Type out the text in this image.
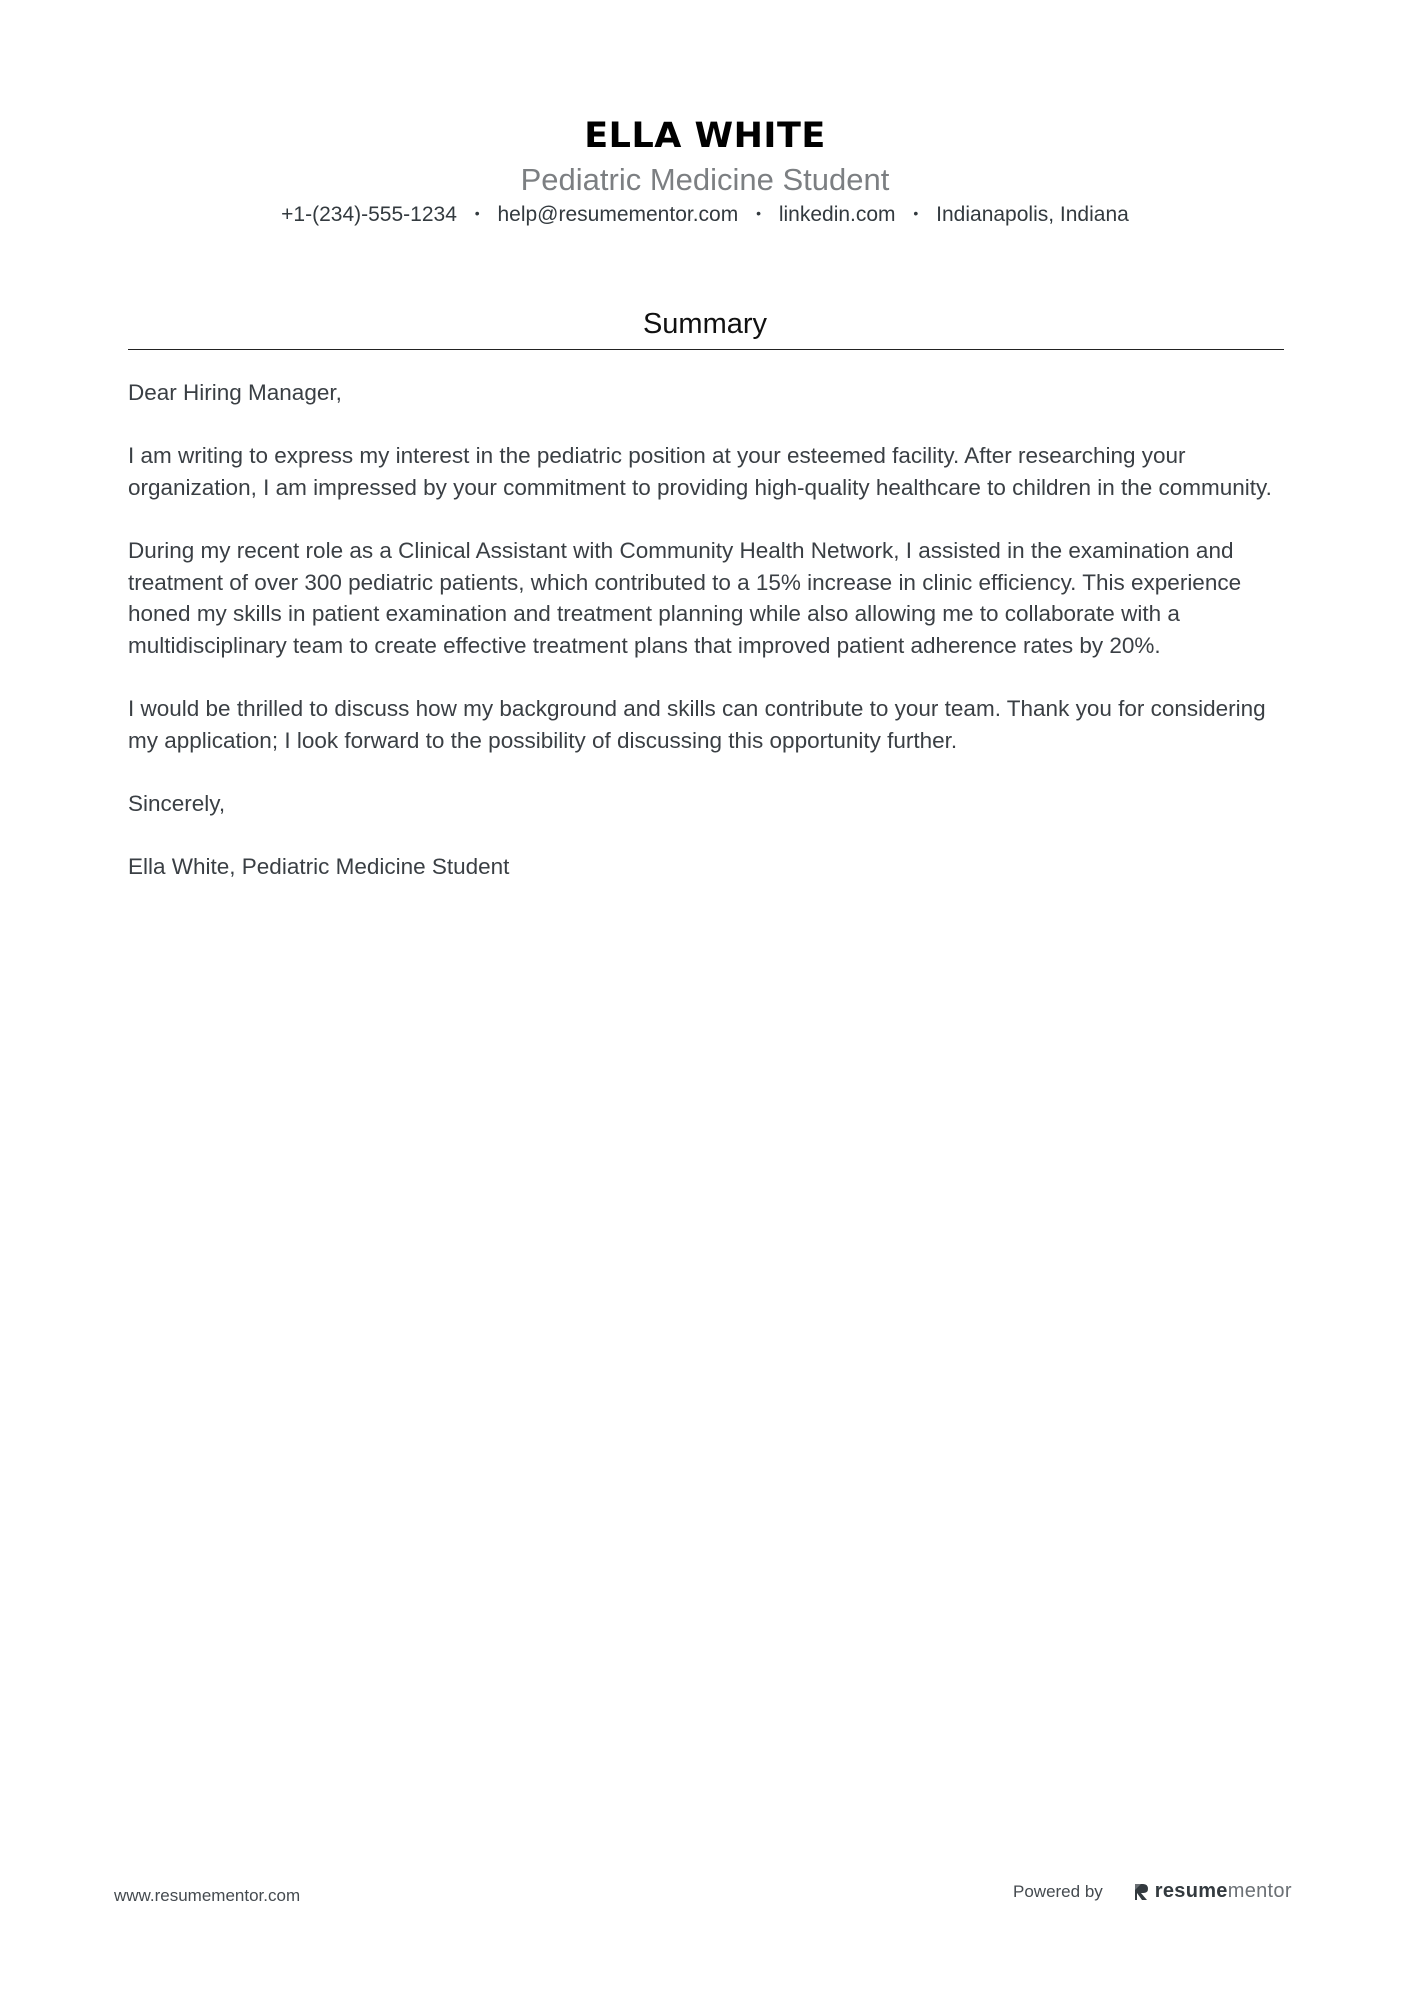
ELLA WHITE
Pediatric Medicine Student
+1-(234)-555-1234 • help@resumementor.com • linkedin.com • Indianapolis, Indiana
Summary

Dear Hiring Manager,

I am writing to express my interest in the pediatric position at your esteemed facility. After researching your organization, I am impressed by your commitment to providing high-quality healthcare to children in the community.

During my recent role as a Clinical Assistant with Community Health Network, I assisted in the examination and treatment of over 300 pediatric patients, which contributed to a 15% increase in clinic efficiency. This experience honed my skills in patient examination and treatment planning while also allowing me to collaborate with a multidisciplinary team to create effective treatment plans that improved patient adherence rates by 20%.

I would be thrilled to discuss how my background and skills can contribute to your team. Thank you for considering my application; I look forward to the possibility of discussing this opportunity further.

Sincerely,

Ella White, Pediatric Medicine Student

www.resumementor.com	Powered by	resumementor
